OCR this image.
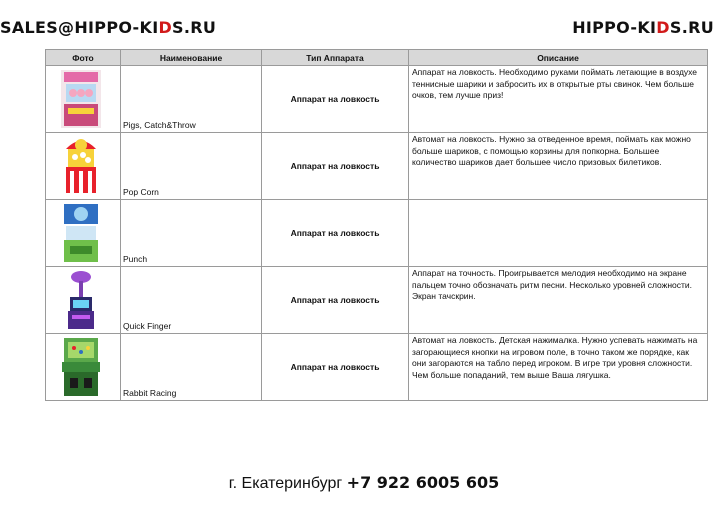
SALES@HIPPO-KIDS.RU	HIPPO-KIDS.RU
Фото	Наименование	Тип Аппарата	Описание

Pigs, Catch&Throw	Аппарат на ловкость	Аппарат на ловкость. Необходимо руками поймать летающие в воздухе теннисные шарики и забросить их в открытые рты свинок. Чем больше очков, тем лучше приз!

Pop Corn	Аппарат на ловкость	Автомат на ловкость. Нужно за отведенное время, поймать как можно больше шариков, с помощью корзины для попкорна. Большее количество шариков дает большее число призовых билетиков.

Punch	Аппарат на ловкость	

Quick Finger	Аппарат на ловкость	Аппарат на точность. Проигрывается мелодия необходимо на экране пальцем точно обозначать ритм песни. Несколько уровней сложности. Экран тачскрин.

Rabbit Racing	Аппарат на ловкость	Автомат на ловкость. Детская нажималка. Нужно успевать нажимать на загорающиеся кнопки на игровом поле, в точно таком же порядке, как они загораются на табло перед игроком. В игре три уровня сложности. Чем больше попаданий, тем выше Ваша лягушка.
г. Екатеринбург +7 922 6005 605
